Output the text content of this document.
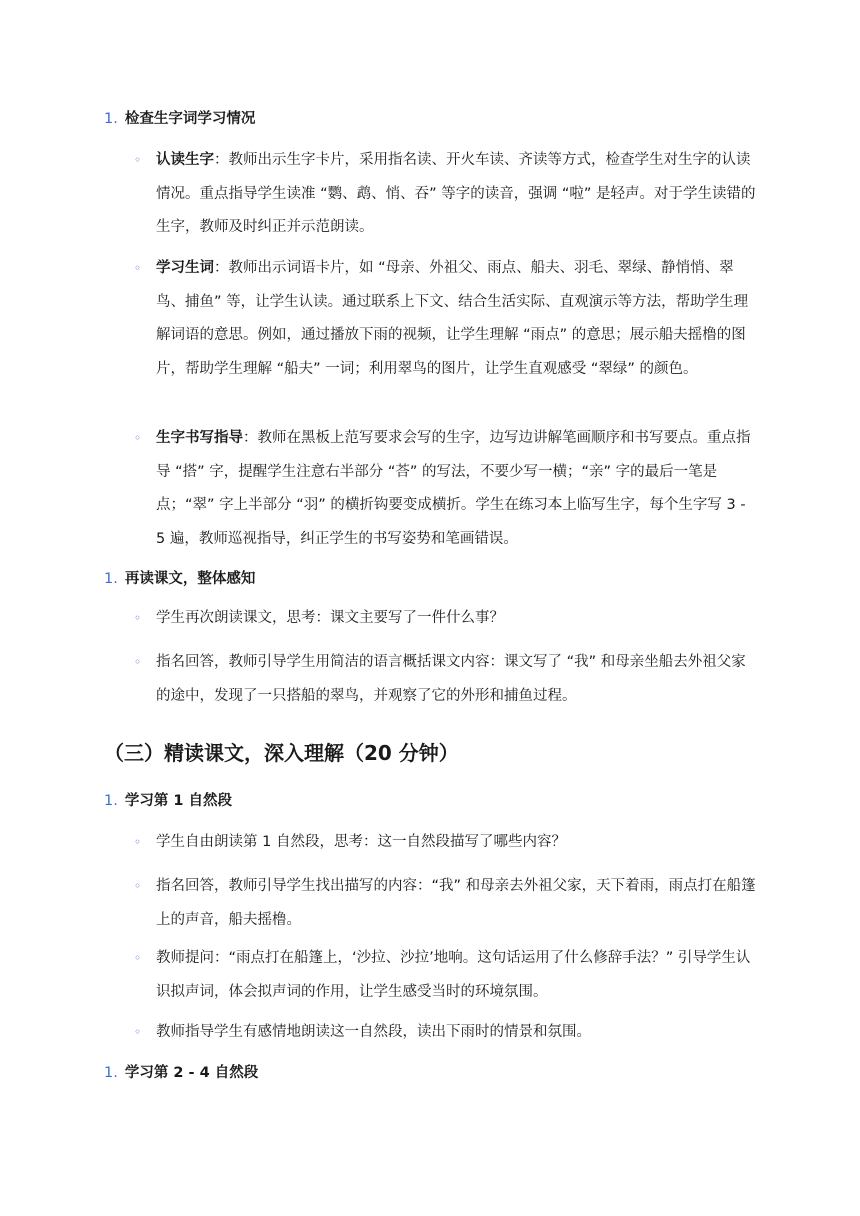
1. 检查生字词学习情况
◦ 认读生字：教师出示生字卡片，采用指名读、开火车读、齐读等方式，检查学生对生字的认读情况。重点指导学生读准 “鹦、鹉、悄、吞” 等字的读音，强调 “啦” 是轻声。对于学生读错的生字，教师及时纠正并示范朗读。
◦ 学习生词：教师出示词语卡片，如 “母亲、外祖父、雨点、船夫、羽毛、翠绿、静悄悄、翠鸟、捕鱼” 等，让学生认读。通过联系上下文、结合生活实际、直观演示等方法，帮助学生理解词语的意思。例如，通过播放下雨的视频，让学生理解 “雨点” 的意思；展示船夫摇橹的图片，帮助学生理解 “船夫” 一词；利用翠鸟的图片，让学生直观感受 “翠绿” 的颜色。
◦ 生字书写指导：教师在黑板上范写要求会写的生字，边写边讲解笔画顺序和书写要点。重点指导 “搭” 字，提醒学生注意右半部分 “荅” 的写法，不要少写一横；“亲” 字的最后一笔是点；“翠” 字上半部分 “羽” 的横折钩要变成横折。学生在练习本上临写生字，每个生字写 3 - 5 遍，教师巡视指导，纠正学生的书写姿势和笔画错误。
1. 再读课文，整体感知
◦ 学生再次朗读课文，思考：课文主要写了一件什么事？
◦ 指名回答，教师引导学生用简洁的语言概括课文内容：课文写了 “我” 和母亲坐船去外祖父家的途中，发现了一只搭船的翠鸟，并观察了它的外形和捕鱼过程。
（三）精读课文，深入理解（20 分钟）
1. 学习第 1 自然段
◦ 学生自由朗读第 1 自然段，思考：这一自然段描写了哪些内容？
◦ 指名回答，教师引导学生找出描写的内容：“我” 和母亲去外祖父家，天下着雨，雨点打在船篷上的声音，船夫摇橹。
◦ 教师提问：“雨点打在船篷上，‘沙拉、沙拉’地响。这句话运用了什么修辞手法？” 引导学生认识拟声词，体会拟声词的作用，让学生感受当时的环境氛围。
◦ 教师指导学生有感情地朗读这一自然段，读出下雨时的情景和氛围。
1. 学习第 2 - 4 自然段
